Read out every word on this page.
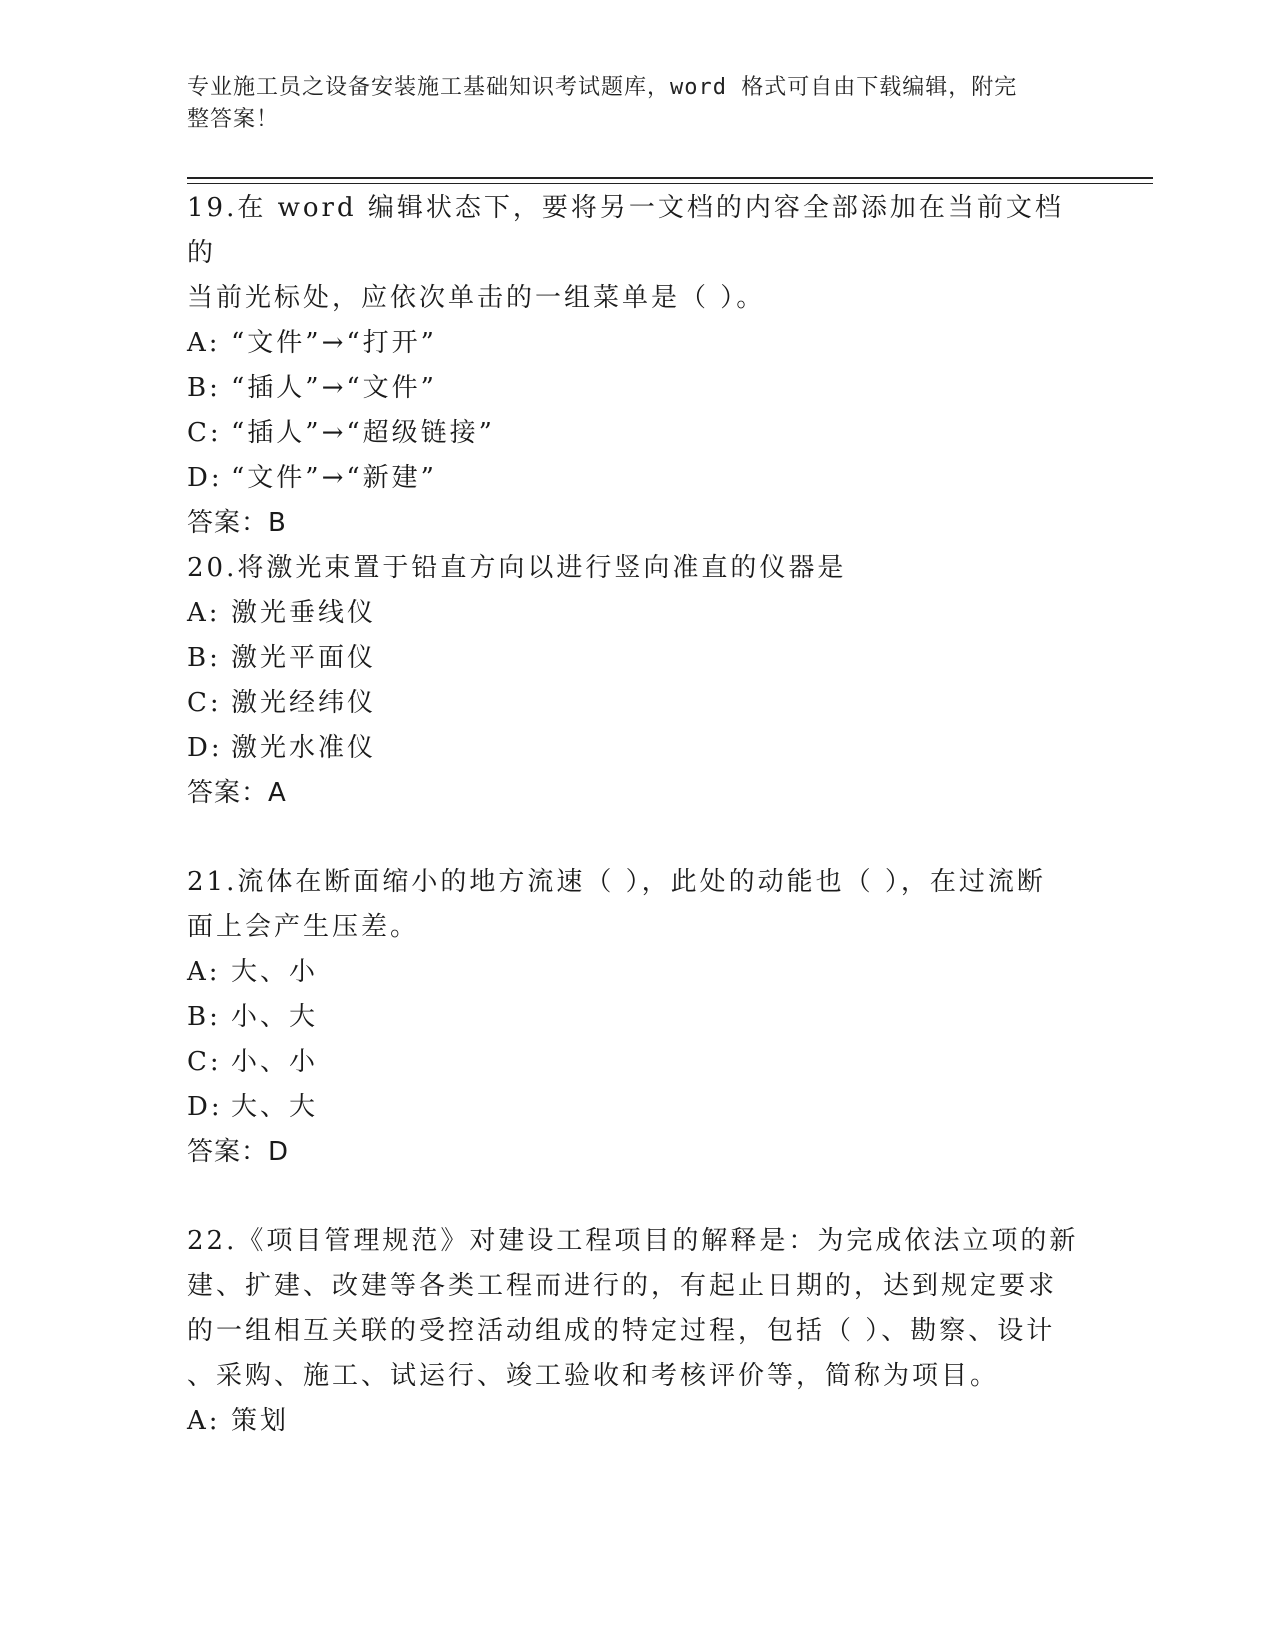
专业施工员之设备安装施工基础知识考试题库，word 格式可自由下载编辑，附完
整答案！

19.在 word 编辑状态下，要将另一文档的内容全部添加在当前文档的

当前光标处，应依次单击的一组菜单是（ ）。

A: “文件”→“打开”

B: “插人”→“文件”

C: “插人”→“超级链接”

D: “文件”→“新建”

答案：B

20.将激光束置于铅直方向以进行竖向准直的仪器是

A: 激光垂线仪

B: 激光平面仪

C: 激光经纬仪

D: 激光水准仪

答案：A

21.流体在断面缩小的地方流速（ ），此处的动能也（ ），在过流断

面上会产生压差。

A: 大、小

B: 小、大

C: 小、小

D: 大、大

答案：D

22.《项目管理规范》对建设工程项目的解释是：为完成依法立项的新

建、扩建、改建等各类工程而进行的，有起止日期的，达到规定要求

的一组相互关联的受控活动组成的特定过程，包括（ ）、勘察、设计

、采购、施工、试运行、竣工验收和考核评价等，简称为项目。

A: 策划
